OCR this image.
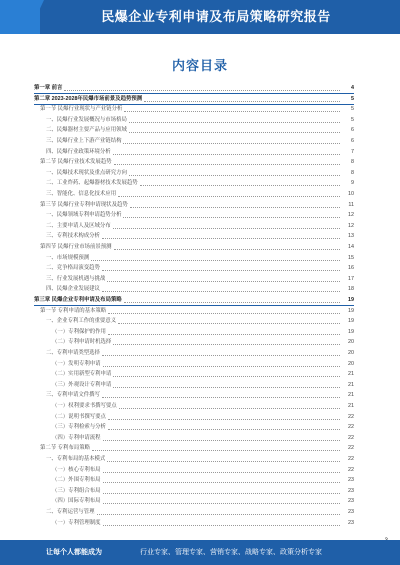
民爆企业专利申请及布局策略研究报告
内容目录
第一章 前言	4
第二章 2023-2028年民爆市场前景及趋势预测	5
第一节 民爆行业现状与产业链分析	5
一、民爆行业发展概况与市场格局	5
二、民爆器材主要产品与应用领域	6
三、民爆行业上下游产业链结构	6
四、民爆行业政策环境分析	7
第二节 民爆行业技术发展趋势	8
一、民爆技术现状及重点研究方向	8
二、工业炸药、起爆器材技术发展趋势	9
三、智能化、信息化技术应用	10
第三节 民爆行业专利申请现状及趋势	11
一、民爆领域专利申请趋势分析	12
二、主要申请人及区域分布	12
三、专利技术构成分析	13
第四节 民爆行业市场前景预测	14
一、市场规模预测	15
二、竞争格局演变趋势	16
三、行业发展机遇与挑战	17
四、民爆企业发展建议	18
第三章 民爆企业专利申请及布局策略	19
第一节 专利申请的基本策略	19
一、企业专利工作的重要意义	19
（一）专利保护的作用	19
（二）专利申请时机选择	20
二、专利申请类型选择	20
（一）发明专利申请	20
（二）实用新型专利申请	21
（三）外观设计专利申请	21
三、专利申请文件撰写	21
（一）权利要求书撰写要点	21
（二）说明书撰写要点	22
（三）专利检索与分析	22
（四）专利申请流程	22
第二节 专利布局策略	22
一、专利布局的基本模式	22
（一）核心专利布局	22
（二）外围专利布局	23
（三）专利组合布局	23
（四）国际专利布局	23
二、专利运营与管理	23
（一）专利管理制度	23
让每个人都能成为	行业专家、管理专家、营销专家、战略专家、政策分析专家
